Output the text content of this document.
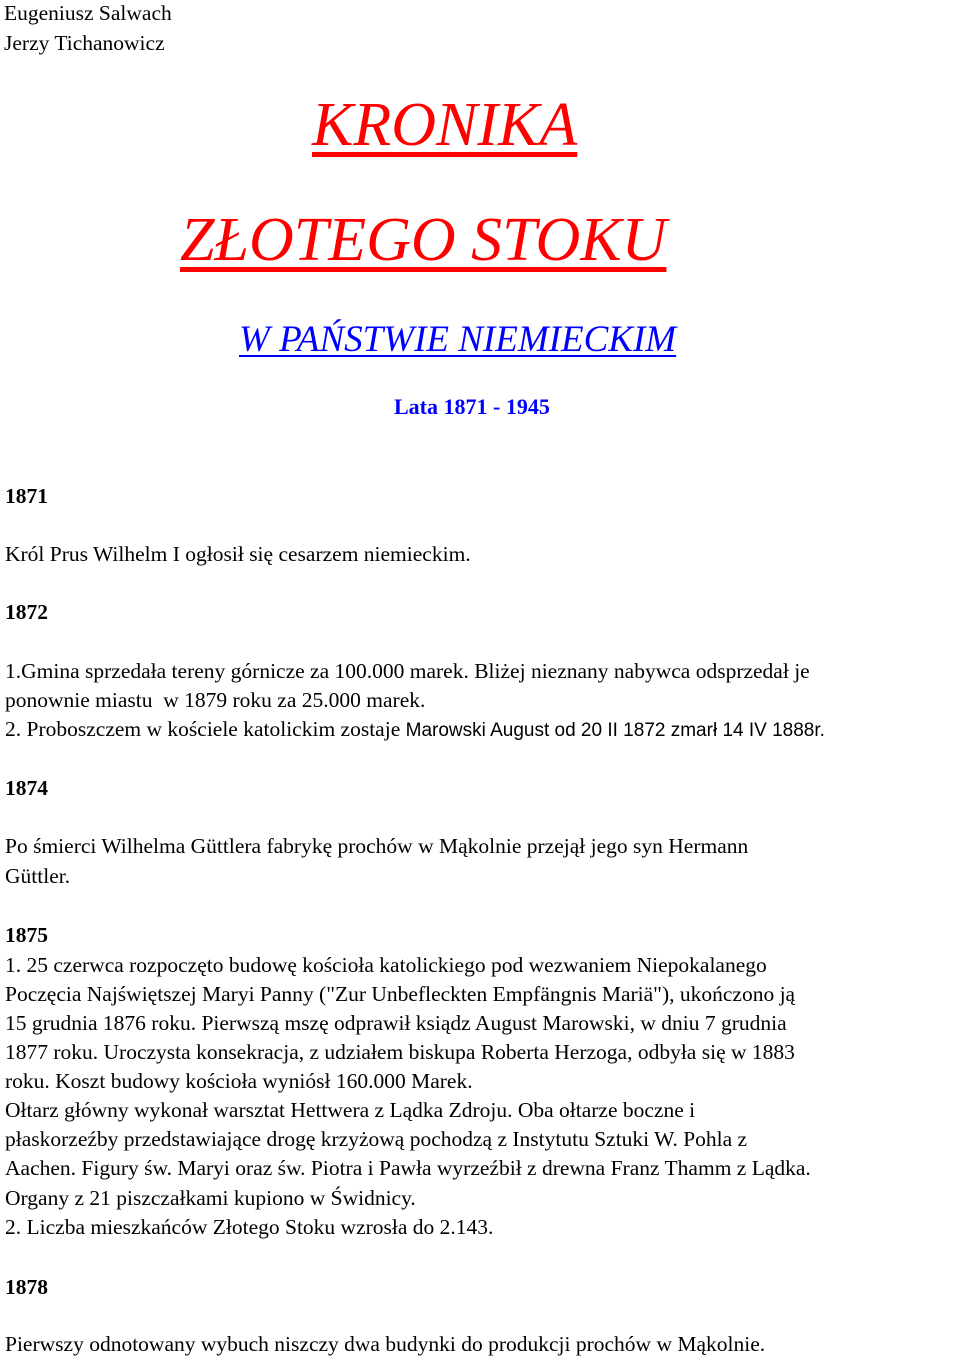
Eugeniusz Salwach
Jerzy Tichanowicz
KRONIKA
ZŁOTEGO STOKU
W PAŃSTWIE NIEMIECKIM
Lata 1871 - 1945
1871
Król Prus Wilhelm I ogłosił się cesarzem niemieckim.
1872
1.Gmina sprzedała tereny górnicze za 100.000 marek. Bliżej nieznany nabywca odsprzedał je
ponownie miastu  w 1879 roku za 25.000 marek.
2. Proboszczem w kościele katolickim zostaje Marowski August od 20 II 1872 zmarł 14 IV 1888r.
1874
Po śmierci Wilhelma Güttlera fabrykę prochów w Mąkolnie przejął jego syn Hermann
Güttler.
1875
1. 25 czerwca rozpoczęto budowę kościoła katolickiego pod wezwaniem Niepokalanego
Poczęcia Najświętszej Maryi Panny ("Zur Unbefleckten Empfängnis Mariä"), ukończono ją
15 grudnia 1876 roku. Pierwszą mszę odprawił ksiądz August Marowski, w dniu 7 grudnia
1877 roku. Uroczysta konsekracja, z udziałem biskupa Roberta Herzoga, odbyła się w 1883
roku. Koszt budowy kościoła wyniósł 160.000 Marek.
Ołtarz główny wykonał warsztat Hettwera z Lądka Zdroju. Oba ołtarze boczne i
płaskorzeźby przedstawiające drogę krzyżową pochodzą z Instytutu Sztuki W. Pohla z
Aachen. Figury św. Maryi oraz św. Piotra i Pawła wyrzeźbił z drewna Franz Thamm z Lądka.
Organy z 21 piszczałkami kupiono w Świdnicy.
2. Liczba mieszkańców Złotego Stoku wzrosła do 2.143.
1878
Pierwszy odnotowany wybuch niszczy dwa budynki do produkcji prochów w Mąkolnie.
